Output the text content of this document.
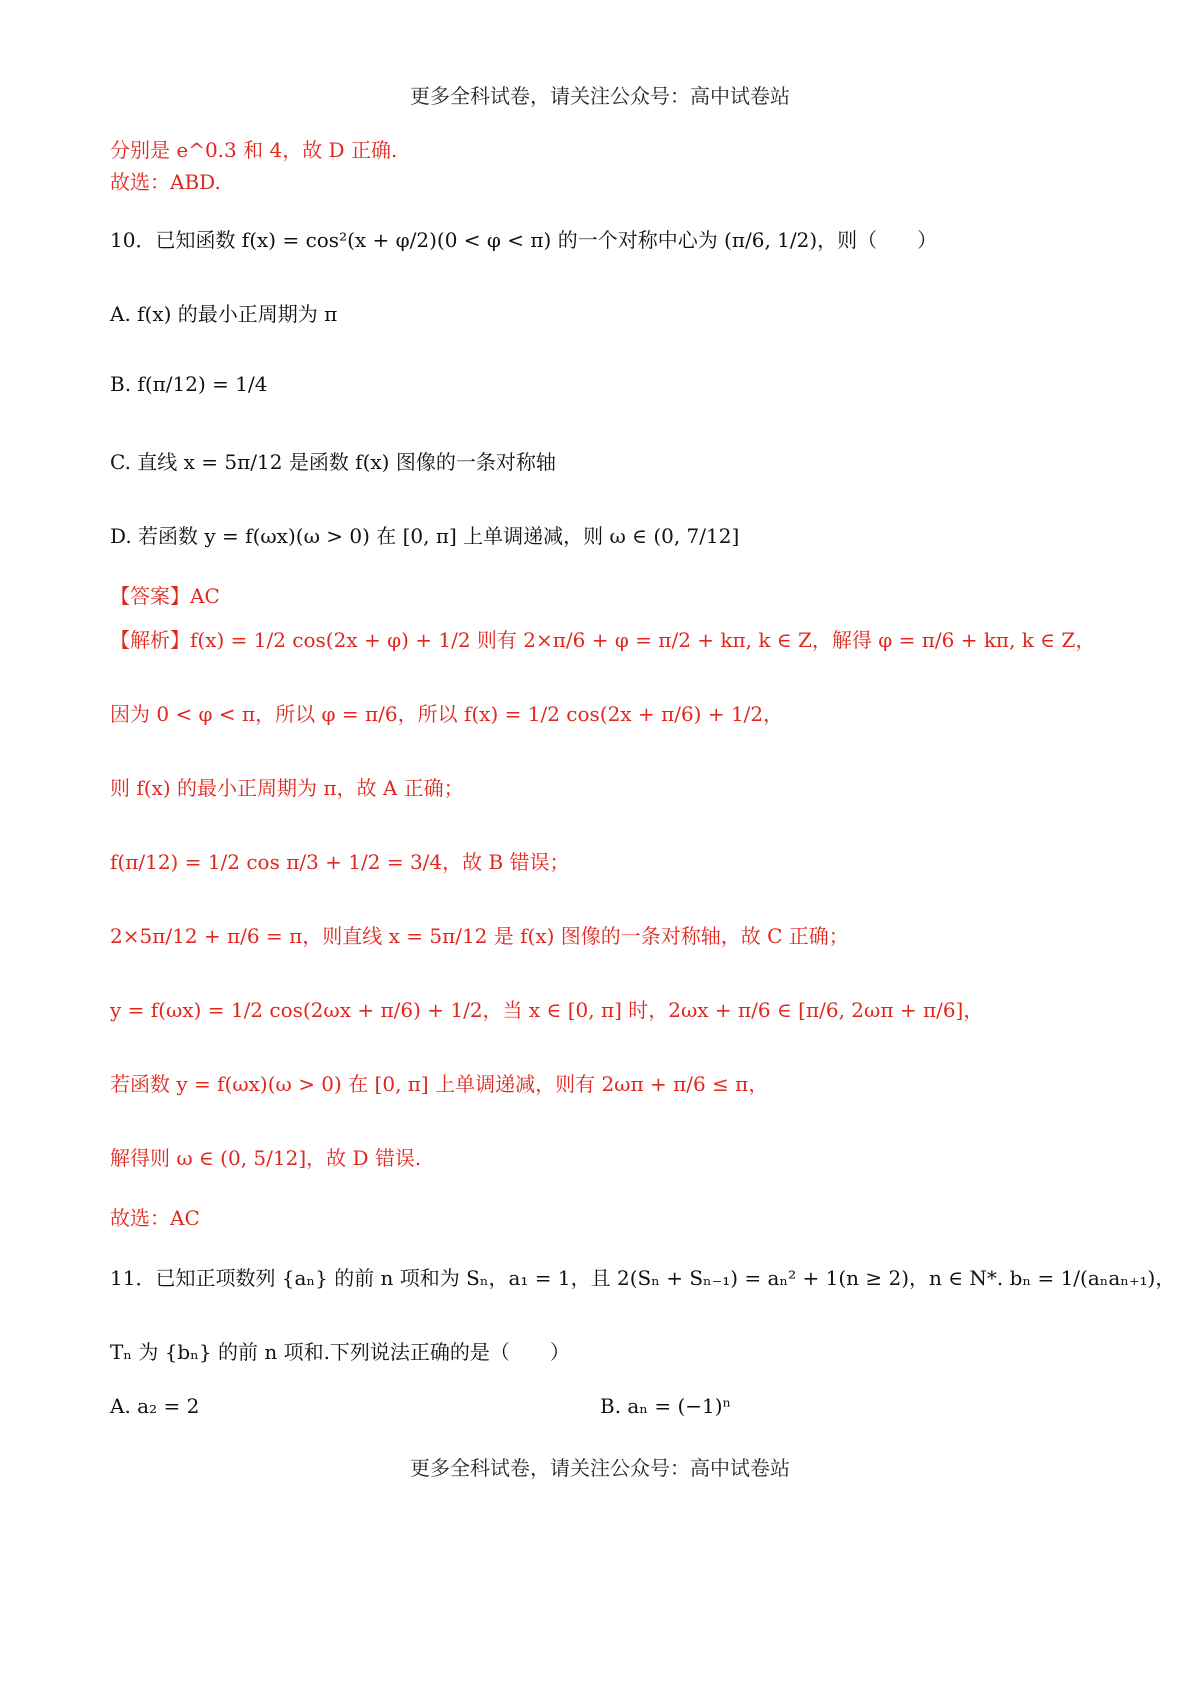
更多全科试卷，请关注公众号：高中试卷站
分别是 e^0.3 和 4，故 D 正确.
故选：ABD.
10．已知函数 f(x) = cos²(x + φ/2)(0 < φ < π) 的一个对称中心为 (π/6, 1/2)，则（　　）
A. f(x) 的最小正周期为 π
B. f(π/12) = 1/4
C. 直线 x = 5π/12 是函数 f(x) 图像的一条对称轴
D. 若函数 y = f(ωx)(ω > 0) 在 [0, π] 上单调递减，则 ω ∈ (0, 7/12]
【答案】AC
【解析】f(x) = 1/2 cos(2x + φ) + 1/2 则有 2×π/6 + φ = π/2 + kπ, k ∈ Z，解得 φ = π/6 + kπ, k ∈ Z，
因为 0 < φ < π，所以 φ = π/6，所以 f(x) = 1/2 cos(2x + π/6) + 1/2，
则 f(x) 的最小正周期为 π，故 A 正确；
f(π/12) = 1/2 cos π/3 + 1/2 = 3/4，故 B 错误；
2×5π/12 + π/6 = π，则直线 x = 5π/12 是 f(x) 图像的一条对称轴，故 C 正确；
y = f(ωx) = 1/2 cos(2ωx + π/6) + 1/2，当 x ∈ [0, π] 时，2ωx + π/6 ∈ [π/6, 2ωπ + π/6]，
若函数 y = f(ωx)(ω > 0) 在 [0, π] 上单调递减，则有 2ωπ + π/6 ≤ π，
解得则 ω ∈ (0, 5/12]，故 D 错误.
故选：AC
11．已知正项数列 {aₙ} 的前 n 项和为 Sₙ，a₁ = 1，且 2(Sₙ + Sₙ₋₁) = aₙ² + 1(n ≥ 2)，n ∈ N*. bₙ = 1/(aₙaₙ₊₁)，
Tₙ 为 {bₙ} 的前 n 项和.下列说法正确的是（　　）
A. a₂ = 2	B. aₙ = (−1)ⁿ
更多全科试卷，请关注公众号：高中试卷站
